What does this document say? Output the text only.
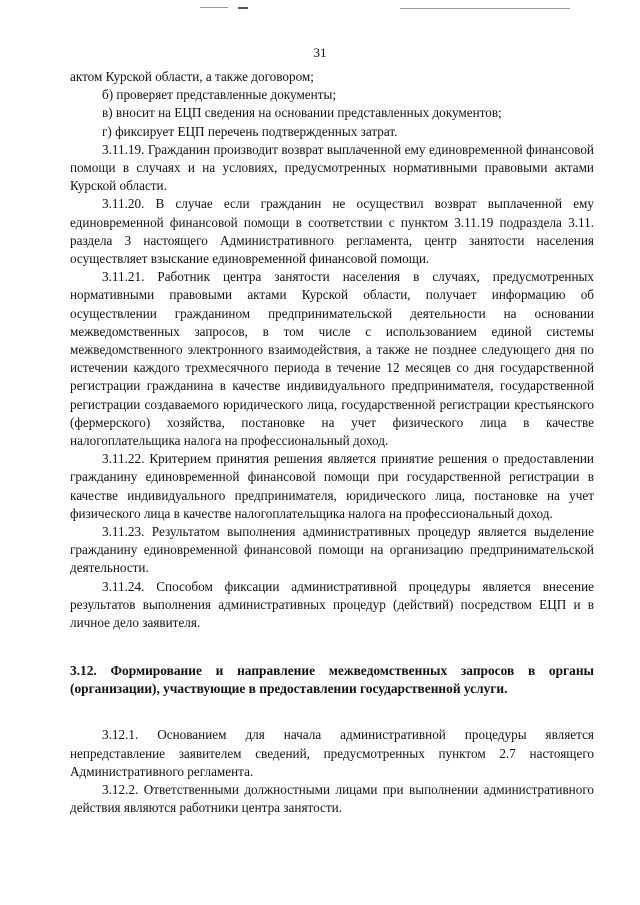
31

актом Курской области, а также договором;

б) проверяет представленные документы;

в) вносит на ЕЦП сведения на основании представленных документов;

г) фиксирует ЕЦП перечень подтвержденных затрат.

3.11.19. Гражданин производит возврат выплаченной ему единовременной финансовой помощи в случаях и на условиях, предусмотренных нормативными правовыми актами Курской области.

3.11.20. В случае если гражданин не осуществил возврат выплаченной ему единовременной финансовой помощи в соответствии с пунктом 3.11.19 подраздела 3.11. раздела 3 настоящего Административного регламента, центр занятости населения осуществляет взыскание единовременной финансовой помощи.

3.11.21. Работник центра занятости населения в случаях, предусмотренных нормативными правовыми актами Курской области, получает информацию об осуществлении гражданином предпринимательской деятельности на основании межведомственных запросов, в том числе с использованием единой системы межведомственного электронного взаимодействия, а также не позднее следующего дня по истечении каждого трехмесячного периода в течение 12 месяцев со дня государственной регистрации гражданина в качестве индивидуального предпринимателя, государственной регистрации создаваемого юридического лица, государственной регистрации крестьянского (фермерского) хозяйства, постановке на учет физического лица в качестве налогоплательщика налога на профессиональный доход.

3.11.22. Критерием принятия решения является принятие решения о предоставлении гражданину единовременной финансовой помощи при государственной регистрации в качестве индивидуального предпринимателя, юридического лица, постановке на учет физического лица в качестве налогоплательщика налога на профессиональный доход.

3.11.23. Результатом выполнения административных процедур является выделение гражданину единовременной финансовой помощи на организацию предпринимательской деятельности.

3.11.24. Способом фиксации административной процедуры является внесение результатов выполнения административных процедур (действий) посредством ЕЦП и в личное дело заявителя.

3.12. Формирование и направление межведомственных запросов в органы (организации), участвующие в предоставлении государственной услуги.

3.12.1. Основанием для начала административной процедуры является непредставление заявителем сведений, предусмотренных пунктом 2.7 настоящего Административного регламента.

3.12.2. Ответственными должностными лицами при выполнении административного действия являются работники центра занятости.
